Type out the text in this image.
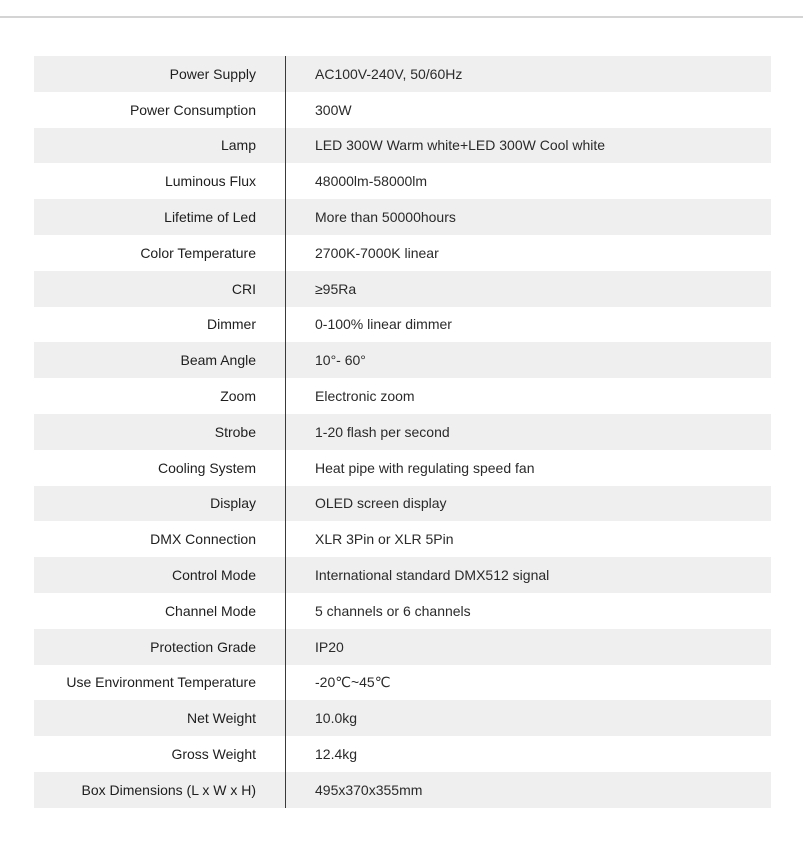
Power Supply	AC100V-240V, 50/60Hz
Power Consumption	300W
Lamp	LED 300W Warm white+LED 300W Cool white
Luminous Flux	48000lm-58000lm
Lifetime of Led	More than 50000hours
Color Temperature	2700K-7000K linear
CRI	≥95Ra
Dimmer	0-100% linear dimmer
Beam Angle	10°- 60°
Zoom	Electronic zoom
Strobe	1-20 flash per second
Cooling System	Heat pipe with regulating speed fan
Display	OLED screen display
DMX Connection	XLR 3Pin or XLR 5Pin
Control Mode	International standard DMX512 signal
Channel Mode	5 channels or 6 channels
Protection Grade	IP20
Use Environment Temperature	-20℃~45℃
Net Weight	10.0kg
Gross Weight	12.4kg
Box Dimensions (L x W x H)	495x370x355mm
